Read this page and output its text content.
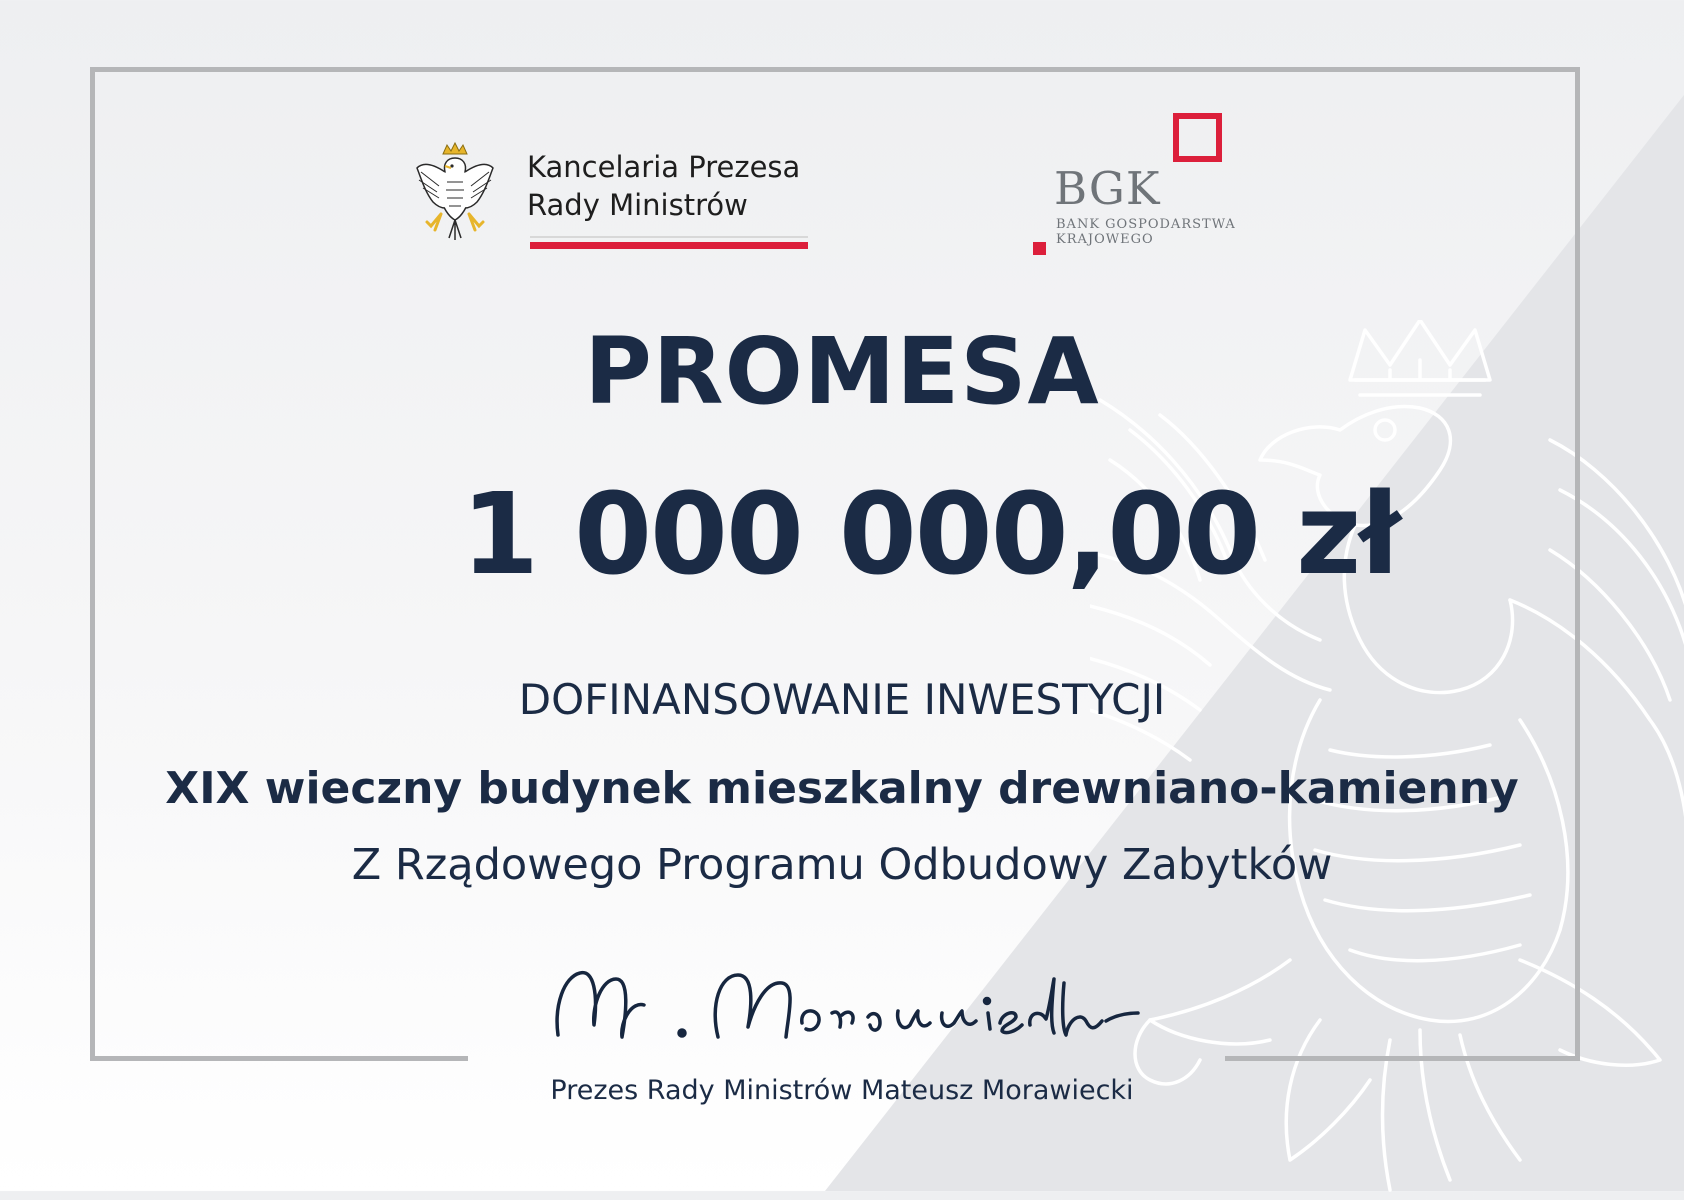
Kancelaria Prezesa
Rady Ministrów	BGK
BANK GOSPODARSTWA
KRAJOWEGO
PROMESA
1 000 000,00 zł
DOFINANSOWANIE INWESTYCJI
XIX wieczny budynek mieszkalny drewniano-kamienny
Z Rządowego Programu Odbudowy Zabytków
Prezes Rady Ministrów Mateusz Morawiecki
